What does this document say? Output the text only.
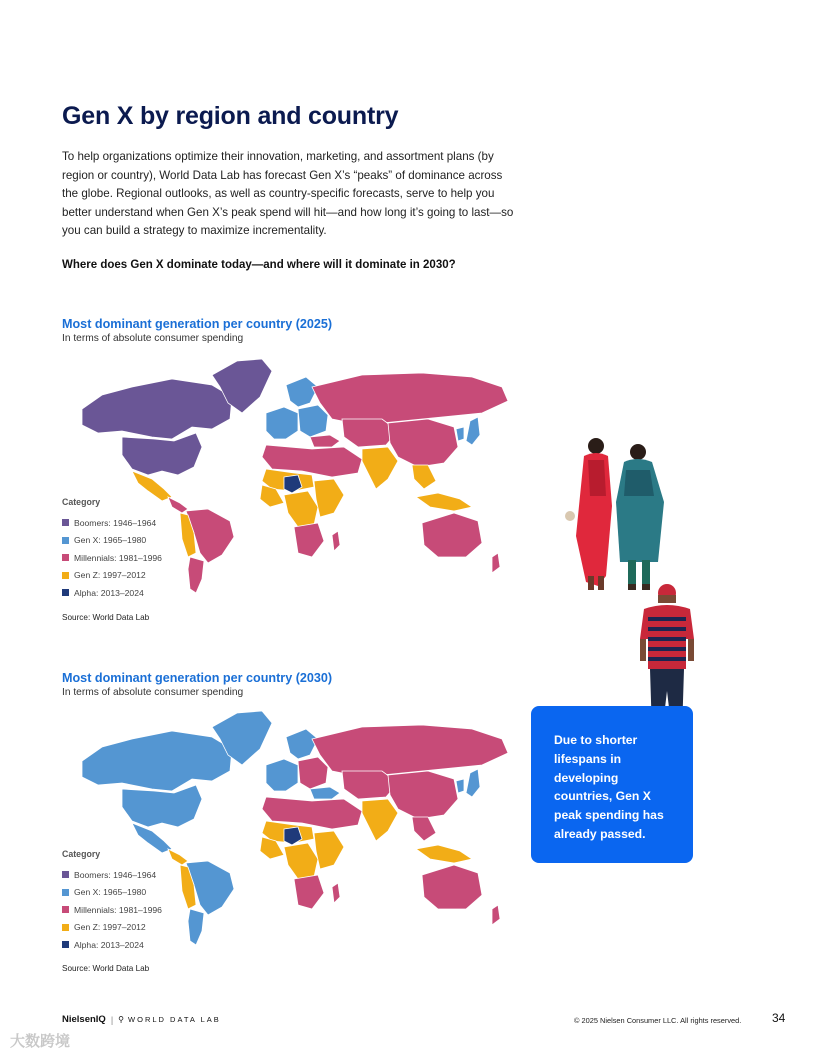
Gen X by region and country

To help organizations optimize their innovation, marketing, and assortment plans (by region or country), World Data Lab has forecast Gen X’s “peaks” of dominance across the globe. Regional outlooks, as well as country-specific forecasts, serve to help you better understand when Gen X’s peak spend will hit—and how long it’s going to last—so you can build a strategy to maximize incrementality.

Where does Gen X dominate today—and where will it dominate in 2030?

Most dominant generation per country (2025)

In terms of absolute consumer spending

Category
Boomers: 1946–1964
Gen X: 1965–1980
Millennials: 1981–1996
Gen Z: 1997–2012
Alpha: 2013–2024
Source: World Data Lab

Most dominant generation per country (2030)

In terms of absolute consumer spending

Category
Boomers: 1946–1964
Gen X: 1965–1980
Millennials: 1981–1996
Gen Z: 1997–2012
Alpha: 2013–2024
Source: World Data Lab

Due to shorter lifespans in developing countries, Gen X peak spending has already passed.

NielsenIQ | ⚲ WORLD DATA LAB	© 2025 Nielsen Consumer LLC. All rights reserved.	34
大数跨境
